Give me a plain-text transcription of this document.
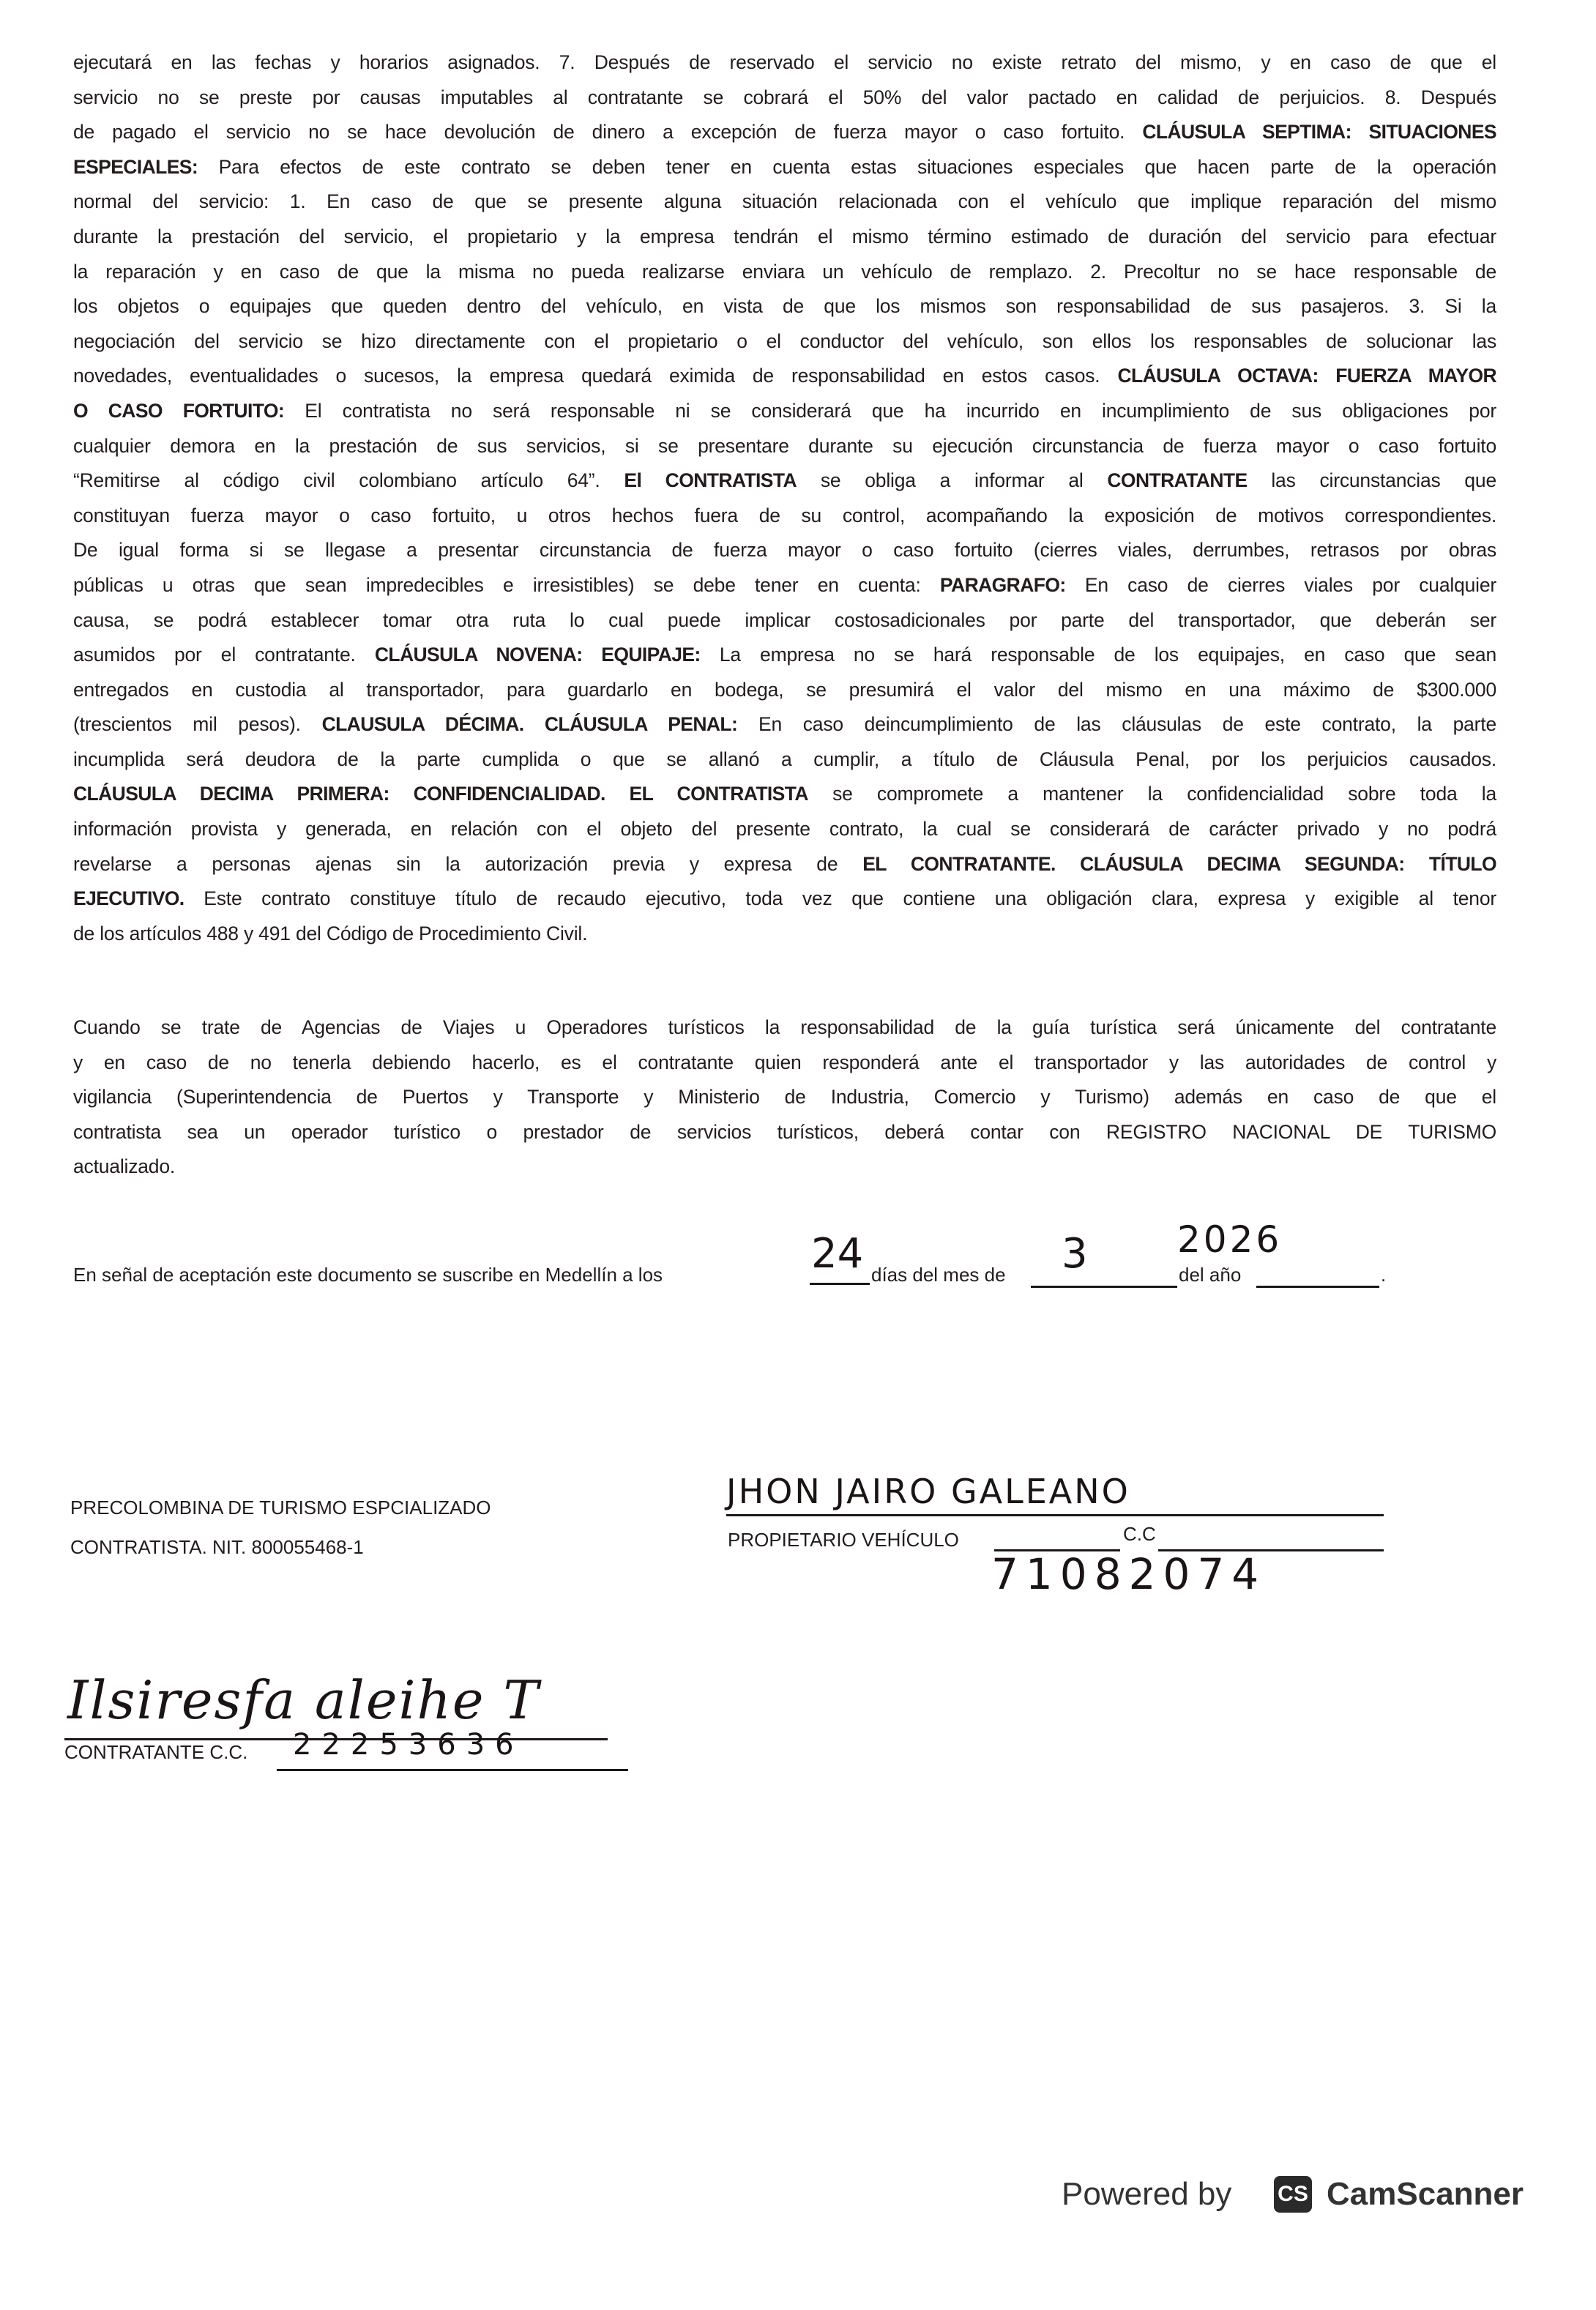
ejecutará en las fechas y horarios asignados. 7. Después de reservado el servicio no existe retrato del mismo, y en caso de que el
servicio no se preste por causas imputables al contratante se cobrará el 50% del valor pactado en calidad de perjuicios. 8. Después
de pagado el servicio no se hace devolución de dinero a excepción de fuerza mayor o caso fortuito. CLÁUSULA SEPTIMA: SITUACIONES
ESPECIALES: Para efectos de este contrato se deben tener en cuenta estas situaciones especiales que hacen parte de la operación
normal del servicio: 1. En caso de que se presente alguna situación relacionada con el vehículo que implique reparación del mismo
durante la prestación del servicio, el propietario y la empresa tendrán el mismo término estimado de duración del servicio para efectuar
la reparación y en caso de que la misma no pueda realizarse enviara un vehículo de remplazo. 2. Precoltur no se hace responsable de
los objetos o equipajes que queden dentro del vehículo, en vista de que los mismos son responsabilidad de sus pasajeros. 3. Si la
negociación del servicio se hizo directamente con el propietario o el conductor del vehículo, son ellos los responsables de solucionar las
novedades, eventualidades o sucesos, la empresa quedará eximida de responsabilidad en estos casos. CLÁUSULA OCTAVA: FUERZA MAYOR
O CASO FORTUITO: El contratista no será responsable ni se considerará que ha incurrido en incumplimiento de sus obligaciones por
cualquier demora en la prestación de sus servicios, si se presentare durante su ejecución circunstancia de fuerza mayor o caso fortuito
“Remitirse al código civil colombiano artículo 64”. El CONTRATISTA se obliga a informar al CONTRATANTE las circunstancias que
constituyan fuerza mayor o caso fortuito, u otros hechos fuera de su control, acompañando la exposición de motivos correspondientes.
De igual forma si se llegase a presentar circunstancia de fuerza mayor o caso fortuito (cierres viales, derrumbes, retrasos por obras
públicas u otras que sean impredecibles e irresistibles) se debe tener en cuenta: PARAGRAFO: En caso de cierres viales por cualquier
causa, se podrá establecer tomar otra ruta lo cual puede implicar costosadicionales por parte del transportador, que deberán ser
asumidos por el contratante. CLÁUSULA NOVENA: EQUIPAJE: La empresa no se hará responsable de los equipajes, en caso que sean
entregados en custodia al transportador, para guardarlo en bodega, se presumirá el valor del mismo en una máximo de $300.000
(trescientos mil pesos). CLAUSULA DÉCIMA. CLÁUSULA PENAL: En caso deincumplimiento de las cláusulas de este contrato, la parte
incumplida será deudora de la parte cumplida o que se allanó a cumplir, a título de Cláusula Penal, por los perjuicios causados.
CLÁUSULA DECIMA PRIMERA: CONFIDENCIALIDAD. EL CONTRATISTA se compromete a mantener la confidencialidad sobre toda la
información provista y generada, en relación con el objeto del presente contrato, la cual se considerará de carácter privado y no podrá
revelarse a personas ajenas sin la autorización previa y expresa de EL CONTRATANTE. CLÁUSULA DECIMA SEGUNDA: TÍTULO
EJECUTIVO. Este contrato constituye título de recaudo ejecutivo, toda vez que contiene una obligación clara, expresa y exigible al tenor
de los artículos 488 y 491 del Código de Procedimiento Civil.
Cuando se trate de Agencias de Viajes u Operadores turísticos la responsabilidad de la guía turística será únicamente del contratante
y en caso de no tenerla debiendo hacerlo, es el contratante quien responderá ante el transportador y las autoridades de control y
vigilancia (Superintendencia de Puertos y Transporte y Ministerio de Industria, Comercio y Turismo) además en caso de que el
contratista sea un operador turístico o prestador de servicios turísticos, deberá contar con REGISTRO NACIONAL DE TURISMO
actualizado.
En señal de aceptación este documento se suscribe en Medellín a los	24 días del mes de 3	del año
2026
.
PRECOLOMBINA DE TURISMO ESPCIALIZADO
CONTRATISTA. NIT. 800055468-1
JHON JAIRO GALEANO
PROPIETARIO VEHÍCULO	C.C
71082074
Ilsiresfa aleihe T
CONTRATANTE C.C. 22253636
Powered by CS CamScanner
